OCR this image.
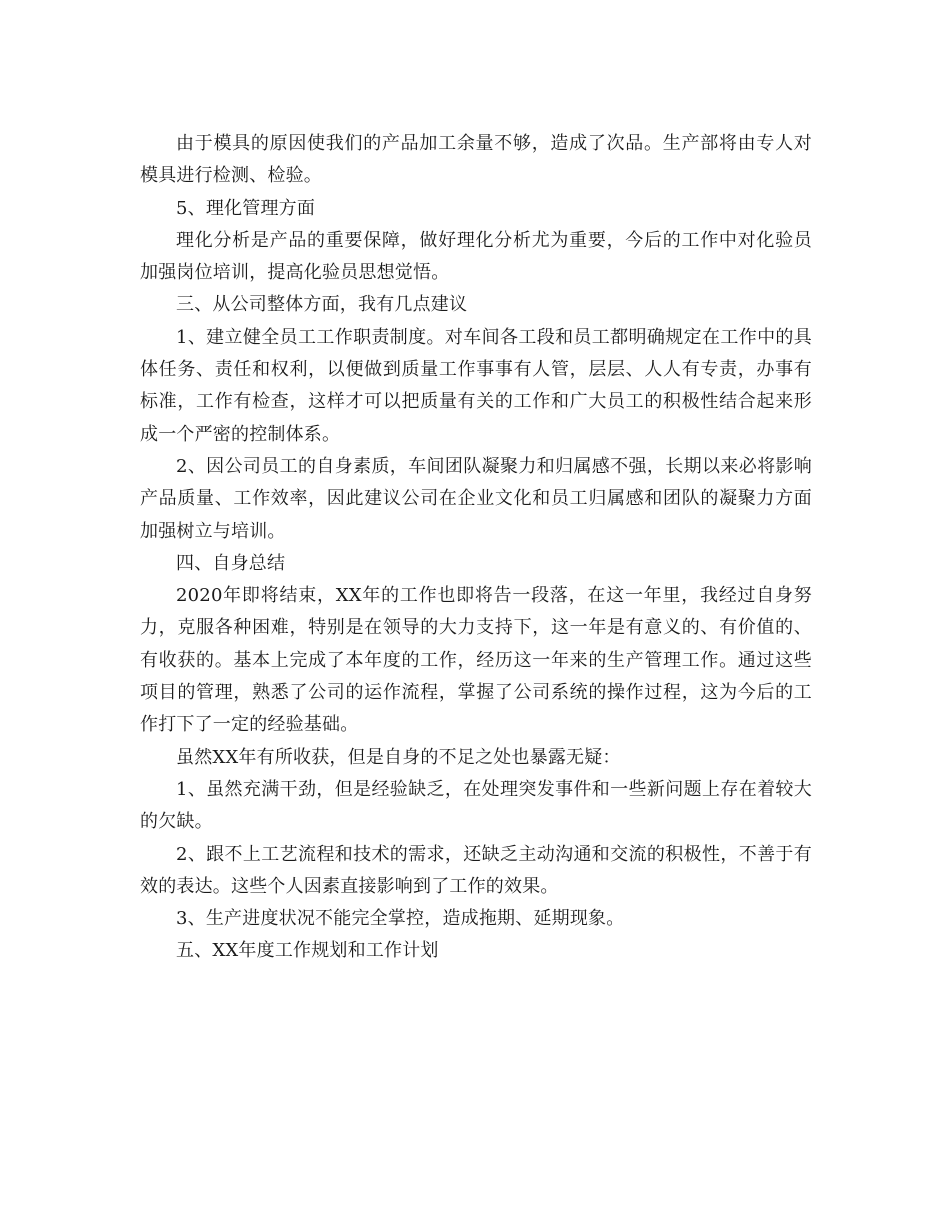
由于模具的原因使我们的产品加工余量不够，造成了次品。生产部将由专人对模具进行检测、检验。

5、理化管理方面

理化分析是产品的重要保障，做好理化分析尤为重要，今后的工作中对化验员加强岗位培训，提高化验员思想觉悟。

三、从公司整体方面，我有几点建议

1、建立健全员工工作职责制度。对车间各工段和员工都明确规定在工作中的具体任务、责任和权利，以便做到质量工作事事有人管，层层、人人有专责，办事有标准，工作有检查，这样才可以把质量有关的工作和广大员工的积极性结合起来形成一个严密的控制体系。

2、因公司员工的自身素质，车间团队凝聚力和归属感不强，长期以来必将影响产品质量、工作效率，因此建议公司在企业文化和员工归属感和团队的凝聚力方面加强树立与培训。

四、自身总结

2020年即将结束，XX年的工作也即将告一段落，在这一年里，我经过自身努力，克服各种困难，特别是在领导的大力支持下，这一年是有意义的、有价值的、有收获的。基本上完成了本年度的工作，经历这一年来的生产管理工作。通过这些项目的管理，熟悉了公司的运作流程，掌握了公司系统的操作过程，这为今后的工作打下了一定的经验基础。

虽然XX年有所收获，但是自身的不足之处也暴露无疑：

1、虽然充满干劲，但是经验缺乏，在处理突发事件和一些新问题上存在着较大的欠缺。

2、跟不上工艺流程和技术的需求，还缺乏主动沟通和交流的积极性，不善于有效的表达。这些个人因素直接影响到了工作的效果。

3、生产进度状况不能完全掌控，造成拖期、延期现象。

五、XX年度工作规划和工作计划
